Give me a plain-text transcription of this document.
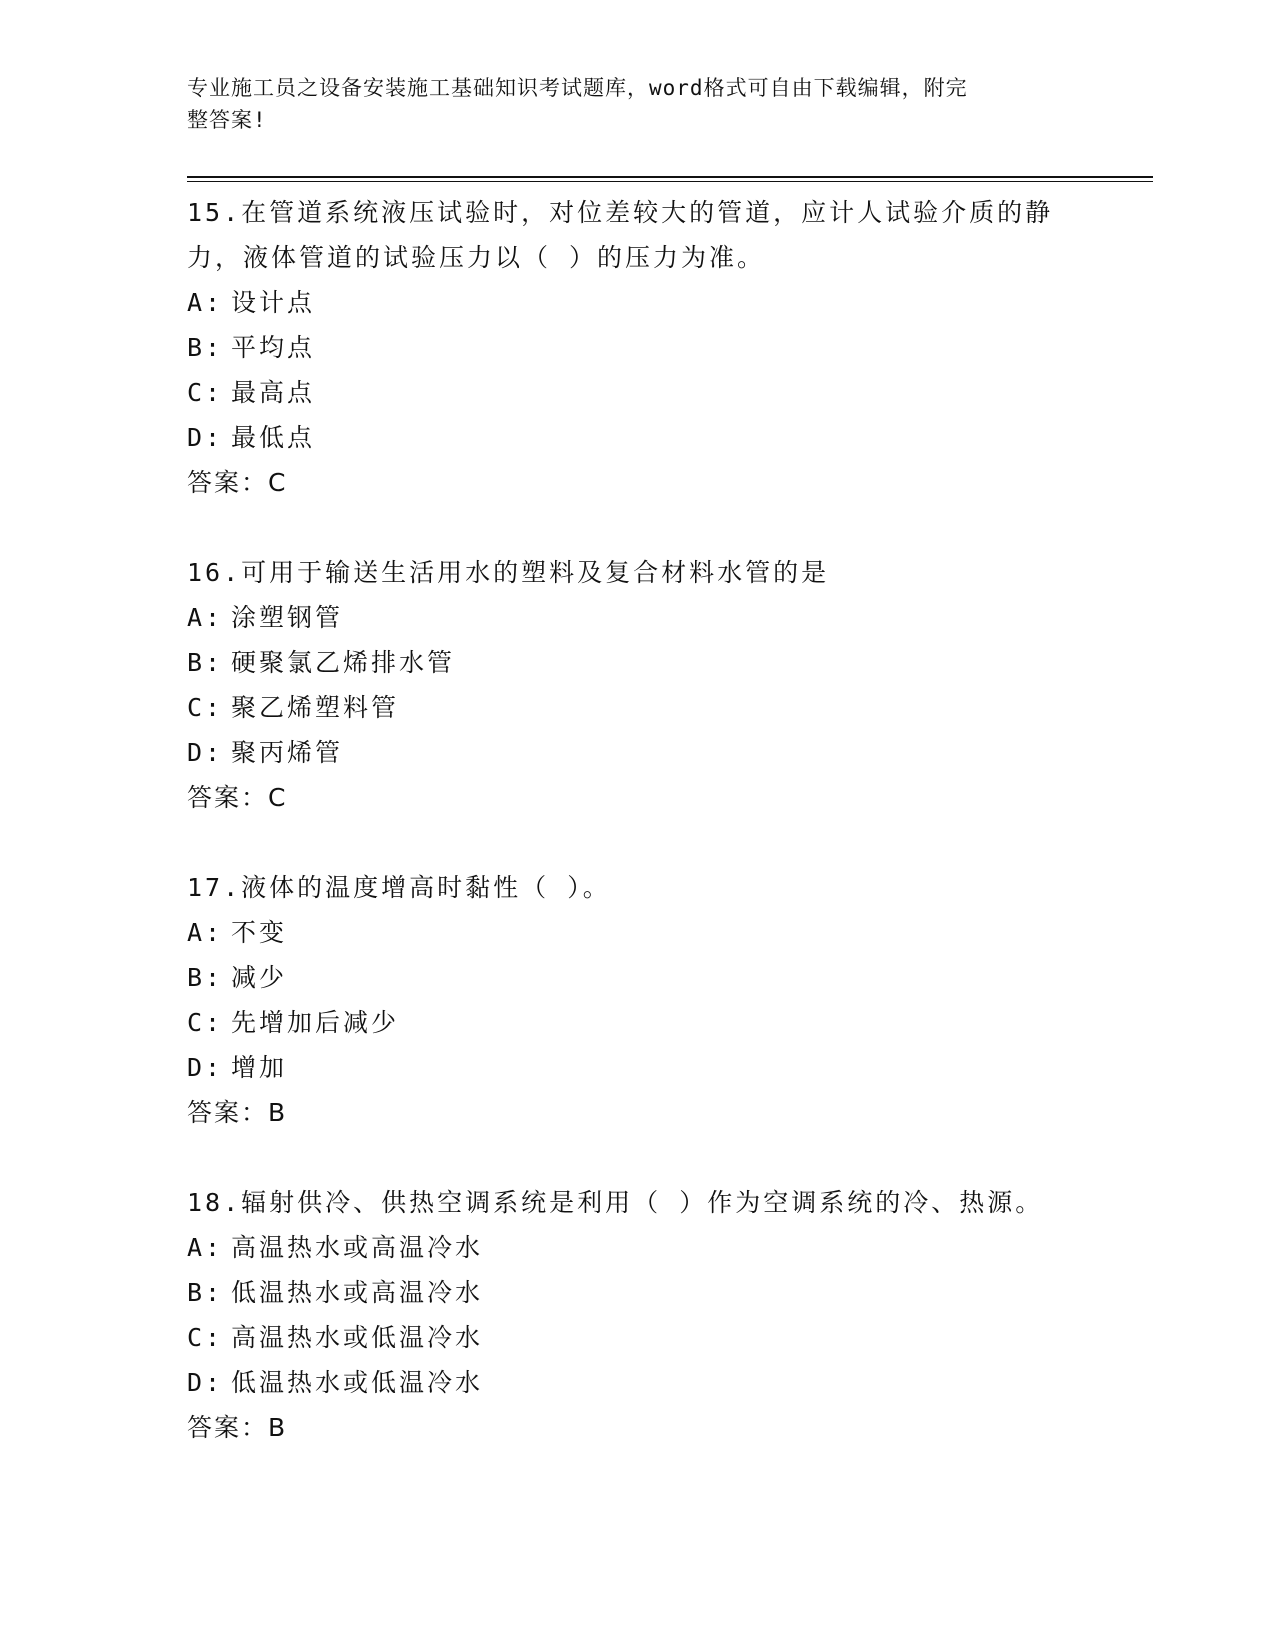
专业施工员之设备安装施工基础知识考试题库，word格式可自由下载编辑，附完
整答案!
15.在管道系统液压试验时，对位差较大的管道，应计人试验介质的静
力，液体管道的试验压力以（ ）的压力为准。
A: 设计点
B: 平均点
C: 最高点
D: 最低点
答案：C
16.可用于输送生活用水的塑料及复合材料水管的是
A: 涂塑钢管
B: 硬聚氯乙烯排水管
C: 聚乙烯塑料管
D: 聚丙烯管
答案：C
17.液体的温度增高时黏性（ ）。
A: 不变
B: 减少
C: 先增加后减少
D: 增加
答案：B
18.辐射供冷、供热空调系统是利用（ ）作为空调系统的冷、热源。
A: 高温热水或高温冷水
B: 低温热水或高温冷水
C: 高温热水或低温冷水
D: 低温热水或低温冷水
答案：B
